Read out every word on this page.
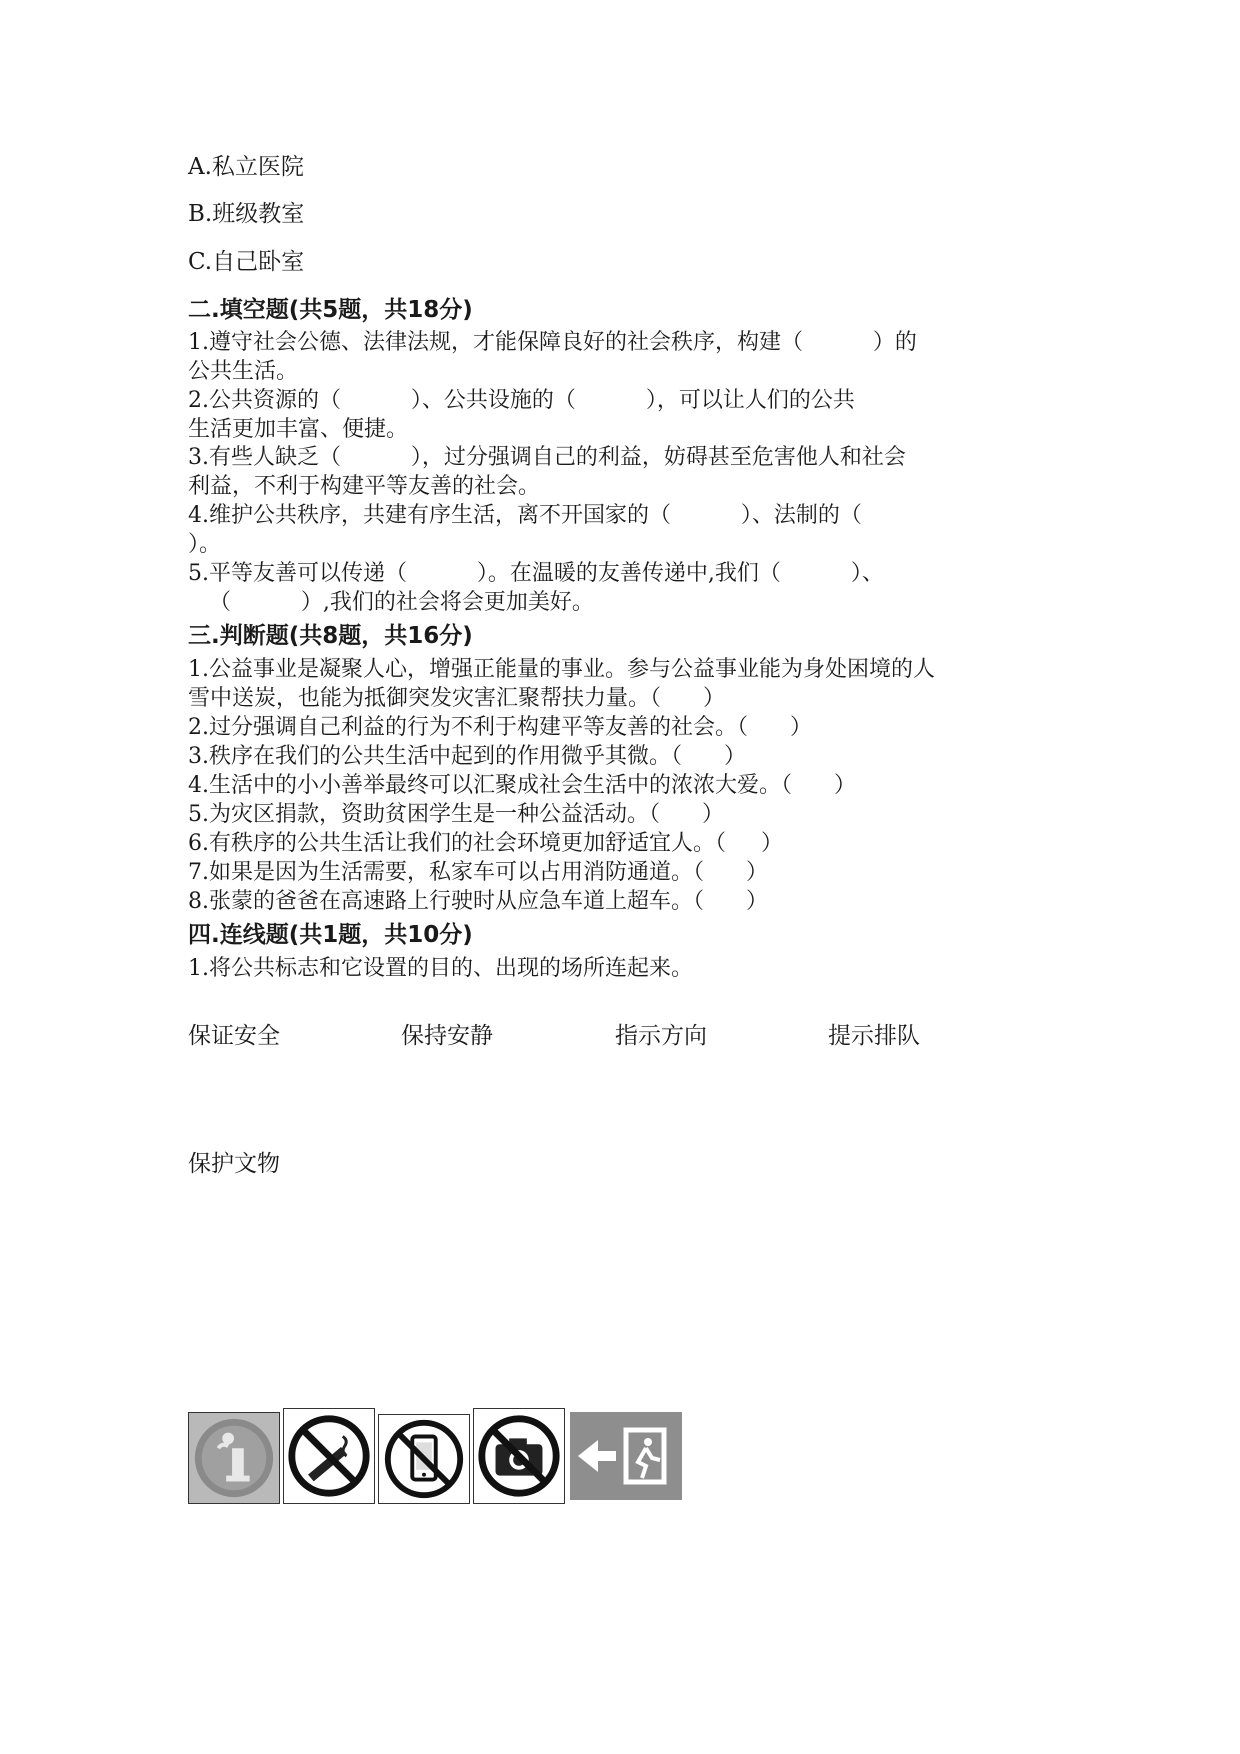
A.私立医院
B.班级教室
C.自己卧室
二.填空题(共5题，共18分)
1.遵守社会公德、法律法规，才能保障良好的社会秩序，构建（          ）的
公共生活。
2.公共资源的（          ）、公共设施的（          ），可以让人们的公共
生活更加丰富、便捷。
3.有些人缺乏（          ），过分强调自己的利益，妨碍甚至危害他人和社会
利益，不利于构建平等友善的社会。
4.维护公共秩序，共建有序生活，离不开国家的（          ）、法制的（
）。
5.平等友善可以传递（          ）。在温暖的友善传递中,我们（          ）、
（          ）,我们的社会将会更加美好。
三.判断题(共8题，共16分)
1.公益事业是凝聚人心，增强正能量的事业。参与公益事业能为身处困境的人
雪中送炭，也能为抵御突发灾害汇聚帮扶力量。（      ）
2.过分强调自己利益的行为不利于构建平等友善的社会。（      ）
3.秩序在我们的公共生活中起到的作用微乎其微。（      ）
4.生活中的小小善举最终可以汇聚成社会生活中的浓浓大爱。（      ）
5.为灾区捐款，资助贫困学生是一种公益活动。（      ）
6.有秩序的公共生活让我们的社会环境更加舒适宜人。（     ）
7.如果是因为生活需要，私家车可以占用消防通道。（      ）
8.张蒙的爸爸在高速路上行驶时从应急车道上超车。（      ）
四.连线题(共1题，共10分)
1.将公共标志和它设置的目的、出现的场所连起来。
保证安全	保持安静	指示方向	提示排队
保护文物
